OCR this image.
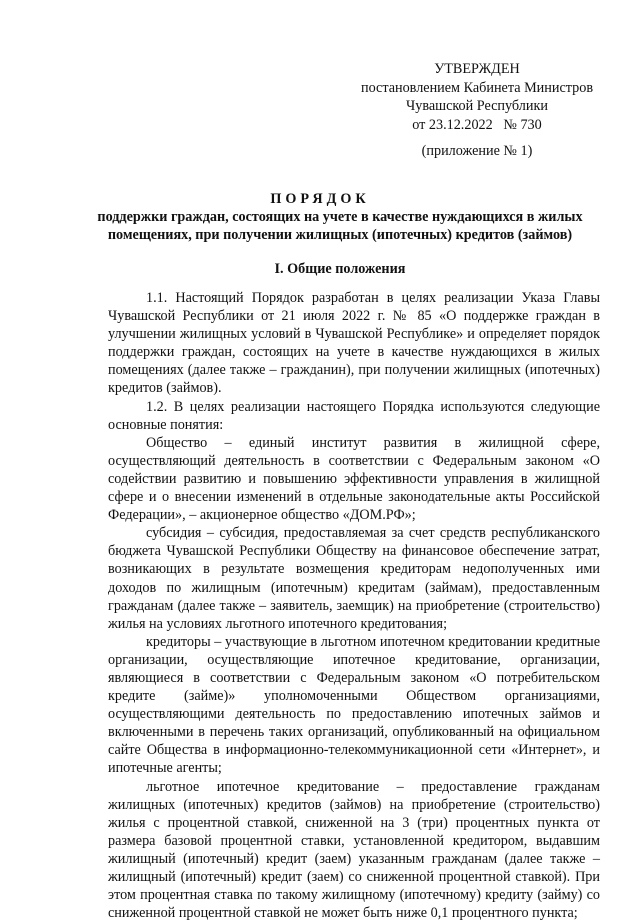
УТВЕРЖДЕН
постановлением Кабинета Министров
Чувашской Республики
от 23.12.2022   № 730
(приложение № 1)
ПОРЯДОК
поддержки граждан, состоящих на учете в качестве нуждающихся в жилых помещениях, при получении жилищных (ипотечных) кредитов (займов)
I. Общие положения

1.1. Настоящий Порядок разработан в целях реализации Указа Главы Чувашской Республики от 21 июля 2022 г. № 85 «О поддержке граждан в улучшении жилищных условий в Чувашской Республике» и определяет порядок поддержки граждан, состоящих на учете в качестве нуждающихся в жилых помещениях (далее также – гражданин), при получении жилищных (ипотечных) кредитов (займов).

1.2. В целях реализации настоящего Порядка используются следующие основные понятия:

Общество – единый институт развития в жилищной сфере, осуществляющий деятельность в соответствии с Федеральным законом «О содействии развитию и повышению эффективности управления в жилищной сфере и о внесении изменений в отдельные законодательные акты Российской Федерации», – акционерное общество «ДОМ.РФ»;

субсидия – субсидия, предоставляемая за счет средств республиканского бюджета Чувашской Республики Обществу на финансовое обеспечение затрат, возникающих в результате возмещения кредиторам недополученных ими доходов по жилищным (ипотечным) кредитам (займам), предоставленным гражданам (далее также – заявитель, заемщик) на приобретение (строительство) жилья на условиях льготного ипотечного кредитования;

кредиторы – участвующие в льготном ипотечном кредитовании кредитные организации, осуществляющие ипотечное кредитование, организации, являющиеся в соответствии с Федеральным законом «О потребительском кредите (займе)» уполномоченными Обществом организациями, осуществляющими деятельность по предоставлению ипотечных займов и включенными в перечень таких организаций, опубликованный на официальном сайте Общества в информационно-телекоммуникационной сети «Интернет», и ипотечные агенты;

льготное ипотечное кредитование – предоставление гражданам жилищных (ипотечных) кредитов (займов) на приобретение (строительство) жилья с процентной ставкой, сниженной на 3 (три) процентных пункта от размера базовой процентной ставки, установленной кредитором, выдавшим жилищный (ипотечный) кредит (заем) указанным гражданам (далее также – жилищный (ипотечный) кредит (заем) со сниженной процентной ставкой). При этом процентная ставка по такому жилищному (ипотечному) кредиту (займу) со сниженной процентной ставкой не может быть ниже 0,1 процентного пункта;
